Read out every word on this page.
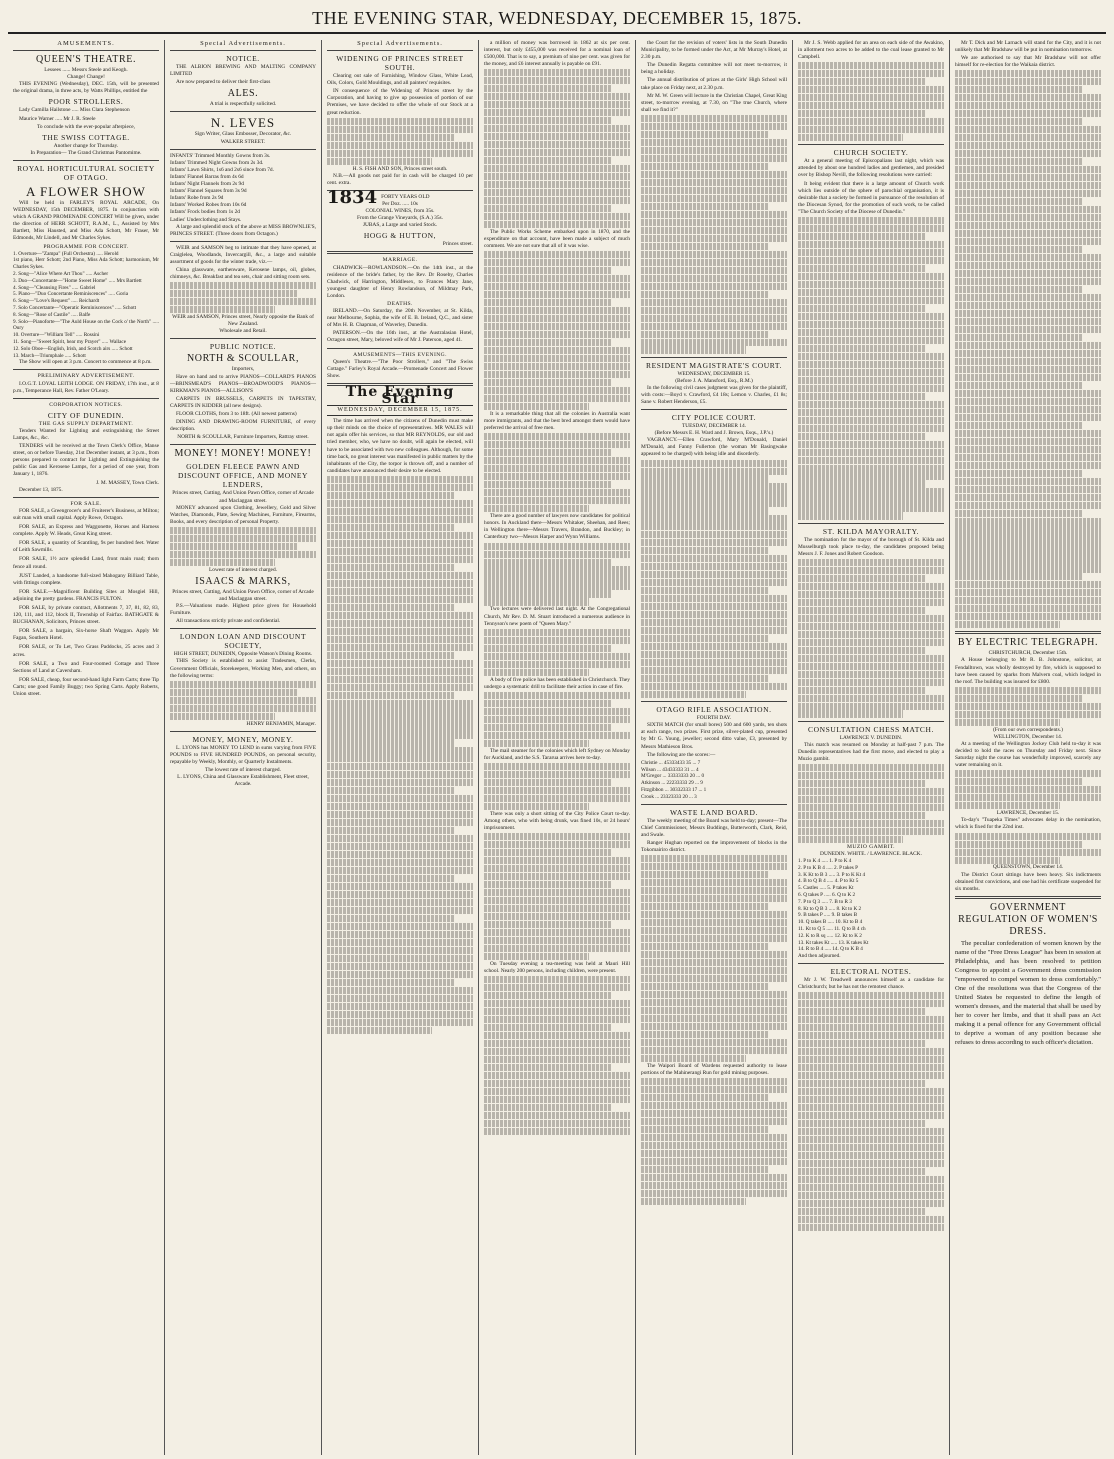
THE EVENING STAR, WEDNESDAY, DECEMBER 15, 1875.
AMUSEMENTS.
QUEEN'S THEATRE.
Lessees ...... Messrs Steele and Keogh.
Change! Change!
THIS EVENING (Wednesday), DEC. 15th, will be presented the original drama, in three acts, by Watts Phillips, entitled the
POOR STROLLERS.
Lady Camilla Hailstone ..... Miss Clara Stephenson
Maurice Warner ..... Mr J. R. Steele
To conclude with the ever-popular afterpiece,
THE SWISS COTTAGE.
Another change for Thursday.
In Preparation— The Grand Christmas Pantomime.
ROYAL HORTICULTURAL SOCIETY OF OTAGO.
A FLOWER SHOW
Will be held in FARLEY'S ROYAL ARCADE, On WEDNESDAY, 15th DECEMBER, 1875. In conjunction with which A GRAND PROMENADE CONCERT Will be given, under the direction of HERR SCHOTT, R.A.M., L., Assisted by Mrs Bartlett, Miss Hausted, and Miss Ada Schott, Mr Fraser, Mr Edmonds, Mr Lindell, and Mr Charles Sykes.
PROGRAMME FOR CONCERT.
1. Overture—"Zampa" (Full Orchestra) ..... Herold
1st piano, Herr Schott; 2nd Piano, Miss Ada Schott; harmonium, Mr Charles Sykes.
2. Song—"Alice Where Art Thou" ..... Ascher
3. Duo—Concertante—"Home Sweet Home" ..... Mrs Bartlett
4. Song—"Cleansing Fires" ..... Gabriel
5. Piano—"Duo Concertante Reminiscences" ..... Goria
6. Song—"Love's Request" ..... Reichardt
7. Solo Concertante—"Operatic Reminiscences" ..... Schott
8. Song—"Rose of Castile" ..... Balfe
9. Solo—Pianoforte—"The Auld House on the Cock o' the North" ..... Oury
10. Overture—"William Tell" ..... Rossini
11. Song—"Sweet Spirit, hear my Prayer" ..... Wallace
12. Solo Oboe—English, Irish, and Scotch airs ..... Schott
13. March—Triumphale ..... Schott
The Show will open at 3 p.m. Concert to commence at 8 p.m.
PRELIMINARY ADVERTISEMENT.
I.O.G.T. LOYAL LEITH LODGE. ON FRIDAY, 17th inst., at 8 p.m., Temperance Hall, Rev. Father O'Leary.
CORPORATION NOTICES.
CITY OF DUNEDIN.
THE GAS SUPPLY DEPARTMENT.
Tenders Wanted for Lighting and extinguishing the Street Lamps, &c., &c.
TENDERS will be received at the Town Clerk's Office, Manse street, on or before Tuesday, 21st December instant, at 3 p.m., from persons prepared to contract for Lighting and Extinguishing the public Gas and Kerosene Lamps, for a period of one year, from January 1, 1876.
J. M. MASSEY, Town Clerk.
December 13, 1875.
FOR SALE.
FOR SALE, a Greengrocer's and Fruiterer's Business, at Milton; suit man with small capital. Apply Rowe, Octagon.
FOR SALE, an Express and Waggonette, Horses and Harness complete. Apply W. Heads, Great King street.
FOR SALE, a quantity of Scantling, 9s per hundred feet. Water of Leith Sawmills.
FOR SALE, 1½ acre splendid Land, front main road; thorn fence all round.
JUST Landed, a handsome full-sized Mahogany Billiard Table, with fittings complete.
FOR SALE.—Magnificent Building Sites at Mosgiel Hill, adjoining the pretty gardens. FRANCIS FULTON.
FOR SALE, by private contract, Allotments 7, 37, 81, 82, 83, 120, 111, and 112, block II, Township of Fairfax. BATHGATE & BUCHANAN, Solicitors, Princes street.
FOR SALE, a bargain, Six-horse Shaft Waggon. Apply Mr Fagan, Southern Hotel.
FOR SALE, or To Let, Two Grass Paddocks, 25 acres and 3 acres.
FOR SALE, a Two and Four-roomed Cottage and Three Sections of Land at Caversham.
FOR SALE, cheap, four second-hand light Farm Carts; three Tip Carts; one good Family Buggy; two Spring Carts. Apply Roberts, Union street.
Special Advertisements.
NOTICE.
THE ALBION BREWING AND MALTING COMPANY LIMITED
Are now prepared to deliver their first-class
ALES.
A trial is respectfully solicited.
N. LEVES
Sign Writer, Glass Embosser, Decorator, &c.
WALKER STREET.
INFANTS' Trimmed Monthly Gowns from 3s.
Infants' Trimmed Night Gowns from 2s 3d.
Infants' Lawn Shirts, 1s6 and 2s6 since from 7d.
Infants' Flannel Barras from 4s 6d
Infants' Night Flannels from 2s 9d
Infants' Flannel Squares from 3s 9d
Infants' Robe from 2s 9d
Infants' Worked Robes from 10s 6d
Infants' Frock bodies from 1s 2d
Ladies' Underclothing and Stays.
A large and splendid stock of the above at MISS BROWNLIE'S, PRINCES STREET. (Three doors from Octagon.)
WEIR and SAMSON beg to intimate that they have opened, at Craiglelea, Woodlands, Invercargill, &c., a large and suitable assortment of goods for the winter trade, viz.—
China glassware, earthenware, Kerosene lamps, oil, globes, chimneys, &c. Breakfast and tea sets, chair and sitting room sets.
WEIR and SAMSON, Princes street, Nearly opposite the Bank of New Zealand.
Wholesale and Retail.
PUBLIC NOTICE.
NORTH & SCOULLAR,
Importers,
Have on hand and to arrive PIANOS—COLLARD'S PIANOS—BRINSMEAD'S PIANOS—BROADWOOD'S PIANOS—KIRKMAN'S PIANOS—ALLISON'S
CARPETS IN BRUSSELS, CARPETS IN TAPESTRY, CARPETS IN KIDDER (all new designs).
FLOOR CLOTHS, from 3 to 18ft. (All newest patterns)
DINING AND DRAWING-ROOM FURNITURE, of every description.
NORTH & SCOULLAR, Furniture Importers, Rattray street.
MONEY! MONEY! MONEY!
GOLDEN FLEECE PAWN AND DISCOUNT OFFICE, AND MONEY LENDERS,
Princes street, Cutting, And Union Pawn Office, corner of Arcade and Maclaggan street.
MONEY advanced upon Clothing, Jewellery, Gold and Silver Watches, Diamonds, Plate, Sewing Machines, Furniture, Firearms, Books, and every description of personal Property.
Lowest rate of interest charged.
ISAACS & MARKS,
Princes street, Cutting, And Union Pawn Office, corner of Arcade and Maclaggan street.
P.S.—Valuations made. Highest price given for Household Furniture.
All transactions strictly private and confidential.
LONDON LOAN AND DISCOUNT SOCIETY,
HIGH STREET, DUNEDIN, Opposite Watson's Dining Rooms.
THIS Society is established to assist Tradesmen, Clerks, Government Officials, Storekeepers, Working Men, and others, on the following terms:
HENRY BENJAMIN, Manager.
MONEY, MONEY, MONEY.
L. LYONS has MONEY TO LEND in sums varying from FIVE POUNDS to FIVE HUNDRED POUNDS, on personal security, repayable by Weekly, Monthly, or Quarterly Instalments.
The lowest rate of interest charged.
L. LYONS, China and Glassware Establishment, Fleet street, Arcade.
Special Advertisements.
WIDENING OF PRINCES STREET SOUTH.
Clearing out sale of Furnishing, Window Glass, White Lead, Oils, Colors, Gold Mouldings, and all painters' requisites.
IN consequence of the Widening of Princes street by the Corporation, and having to give up possession of portion of our Premises, we have decided to offer the whole of our Stock at a great reduction.
H. S. FISH AND SON, Princes street south.
N.B.—All goods not paid for in cash will be charged 10 per cent. extra.
1834 FORTY YEARS OLD
Per Doz. ..... 10s
COLONIAL WINES, from 35s.
From the Grange Vineyards, (S.A.) 35s.
JUBAS, a Large and varied Stock.
HOGG & HUTTON,
Princes street.
MARRIAGE.
CHADWICK—ROWLANDSON.—On the 14th inst., at the residence of the bride's father, by the Rev. Dr Roseby, Charles Chadwick, of Harrington, Middlesex, to Frances Mary Jane, youngest daughter of Henry Rowlandson, of Mildmay Park, London.
DEATHS.
IRELAND.—On Saturday, the 20th November, at St. Kilda, near Melbourne, Sophia, the wife of E. B. Ireland, Q.C., and sister of Mrs H. B. Chapman, of Waverley, Dunedin.
PATERSON.—On the 16th inst., at the Australasian Hotel, Octagon street, Mary, beloved wife of Mr J. Paterson, aged 41.
AMUSEMENTS—THIS EVENING.
Queen's Theatre.—"The Poor Strollers," and "The Swiss Cottage." Farley's Royal Arcade.—Promenade Concert and Flower Show.
The Evening Star
WEDNESDAY, DECEMBER 15, 1875.
The time has arrived when the citizens of Dunedin must make up their minds on the choice of representatives. MR WALES will not again offer his services, so that MR REYNOLDS, our old and tried member, who, we have no doubt, will again be elected, will have to be associated with two new colleagues. Although, for some time back, no great interest was manifested in public matters by the inhabitants of the City, the torpor is thrown off, and a number of candidates have announced their desire to be elected.
a million of money was borrowed in 1862 at six per cent. interest, but only £455,000 was received for a nominal loan of £500,000. That is to say, a premium of nine per cent. was given for the money, and £6 interest annually is payable on £91.
The Public Works Scheme embarked upon in 1870, and the expenditure on that account, have been made a subject of much comment. We are not sure that all of it was wise.
It is a remarkable thing that all the colonies in Australia want more immigrants, and that the best bred amongst them would have preferred the arrival of free men.
There are a good number of lawyers now candidates for political honors. In Auckland there—Messrs Whitaker, Sheehan, and Rees; in Wellington there—Messrs Travers, Brandon, and Buckley; in Canterbury two—Messrs Harper and Wynn Williams.
Two lectures were delivered last night. At the Congregational Church, Mr Rev. D. M. Stuart introduced a numerous audience in Tennyson's new poem of "Queen Mary."
A body of five police has been established in Christchurch. They undergo a systematic drill to facilitate their action in case of fire.
The mail steamer for the colonies which left Sydney on Monday for Auckland, and the S.S. Tararua arrives here to-day.
There was only a short sitting of the City Police Court to-day. Among others, who with being drunk, was fined 10s, or 24 hours' imprisonment.
On Tuesday evening a tea-meeting was held at Mauri Hill school. Nearly 200 persons, including children, were present.
the Court for the revision of voters' lists in the South Dunedin Municipality, to be formed under the Act, at Mr Murray's Hotel, at 2.30 p.m.
The Dunedin Regatta committee will not meet to-morrow, it being a holiday.
The annual distribution of prizes at the Girls' High School will take place on Friday next, at 2.30 p.m.
Mr M. W. Green will lecture in the Christian Chapel, Great King street, to-morrow evening, at 7.30, on "The true Church, where shall we find it?"
RESIDENT MAGISTRATE'S COURT.
WEDNESDAY, DECEMBER 15.
(Before J. A. Mansford, Esq., R.M.)
In the following civil cases judgment was given for the plaintiff, with costs:—Boyd v. Crawford, £4 18s; Lemon v. Charles, £1 8s; Sane v. Robert Henderson, £5.
CITY POLICE COURT.
TUESDAY, DECEMBER 14.
(Before Messrs E. H. Ward and J. Brown, Esqs., J.P.'s.)
VAGRANCY.—Ellen Crawford, Mary M'Donald, Daniel M'Donald, and Fanny Fullerton (the woman Mr Basingwake appeared to be charged) with being idle and disorderly.
OTAGO RIFLE ASSOCIATION.
FOURTH DAY.
SIXTH MATCH (for small bores) 500 and 600 yards, ten shots at each range, two prizes. First prize, silver-plated cup, presented by Mr G. Young, jeweller; second ditto value, £3, presented by Messrs Mathieson Bros.
The following are the scores:—
Christie ... 45333433 35 ... 7
Wilson ... 43433333 31 ... 4
M'Gregor ... 33333333 20 ... 0
Atkinson ... 22233333 29 ... 9
Fitzgibbon ... 30332333 17 ... 1
Crook ... 23323333 20 ... 3
WASTE LAND BOARD.
The weekly meeting of the Board was held to-day; present—The Chief Commissioner, Messrs Buddings, Butterworth, Clark, Reid, and Swale.
Ranger Hughan reported on the improvement of blocks in the Tokomairiro district.
The Waipori Board of Wardens requested authority to lease portions of the Mahinerangi Run for gold mining purposes.
Mr J. S. Webb applied for an area on each side of the Awakino, in allotment two acres to be added to the coal lease granted to Mr Campbell.
CHURCH SOCIETY.
At a general meeting of Episcopalians last night, which was attended by about one hundred ladies and gentlemen, and presided over by Bishop Nevill, the following resolutions were carried:
It being evident that there is a large amount of Church work which lies outside of the sphere of parochial organisation, it is desirable that a society be formed in pursuance of the resolution of the Diocesan Synod, for the promotion of such work, to be called "The Church Society of the Diocese of Dunedin."
ST. KILDA MAYORALTY.
The nomination for the mayor of the borough of St. Kilda and Musselburgh took place to-day, the candidates proposed being Messrs J. F. Jones and Robert Goodson.
CONSULTATION CHESS MATCH.
LAWRENCE V. DUNEDIN.
This match was resumed on Monday at half-past 7 p.m. The Dunedin representatives had the first move, and elected to play a Muzio gambit.
MUZIO GAMBIT.
DUNEDIN. WHITE. / LAWRENCE. BLACK.
1. P to K 4 ..... 1. P to K 4
2. P to K B 4 ..... 2. P takes P
3. K Kt to B 3 ..... 3. P to K Kt 4
4. B to Q B 4 ..... 4. P to Kt 5
5. Castles ..... 5. P takes Kt
6. Q takes P ..... 6. Q to K 2
7. P to Q 3 ..... 7. B to R 3
8. Kt to Q B 3 ..... 8. Kt to K 2
9. B takes P ..... 9. B takes B
10. Q takes B ..... 10. Kt to B 4
11. Kt to Q 5 ..... 11. Q to B 4 ch
12. K to R sq ..... 12. Kt to K 2
13. Kt takes Kt ..... 13. K takes Kt
14. R to B 4 ..... 14. Q to K B 4
And then adjourned.
ELECTORAL NOTES.
Mr J. W. Treadwell announces himself as a candidate for Christchurch; but he has not the remotest chance.
Mr T. Dick and Mr Larnach will stand for the City, and it is not unlikely that Mr Bradshaw will be put in nomination tomorrow.
We are authorised to say that Mr Bradshaw will not offer himself for re-election for the Waikaia district.
BY ELECTRIC TELEGRAPH.
CHRISTCHURCH, December 15th.
A House belonging to Mr R. B. Johnstone, solicitor, at Fendalltown, was wholly destroyed by fire, which is supposed to have been caused by sparks from Malvern coal, which lodged in the roof. The building was insured for £800.
(From our own correspondents.)
WELLINGTON, December 14.
At a meeting of the Wellington Jockey Club held to-day it was decided to hold the races on Thursday and Friday next. Since Saturday night the course has wonderfully improved, scarcely any water remaining on it.
LAWRENCE, December 15.
To-day's "Tuapeka Times" advocates delay in the nomination, which is fixed for the 22nd inst.
QUEENSTOWN, December 14.
The District Court sittings have been heavy. Six indictments obtained first convictions, and one had his certificate suspended for six months.
GOVERNMENT REGULATION OF WOMEN'S DRESS.
The peculiar confederation of women known by the name of the "Free Dress League" has been in session at Philadelphia, and has been resolved to petition Congress to appoint a Government dress commission "empowered to compel women to dress comfortably." One of the resolutions was that the Congress of the United States be requested to define the length of women's dresses, and the material that shall be used by her to cover her limbs, and that it shall pass an Act making it a penal offence for any Government official to deprive a woman of any position because she refuses to dress according to such officer's dictation.
